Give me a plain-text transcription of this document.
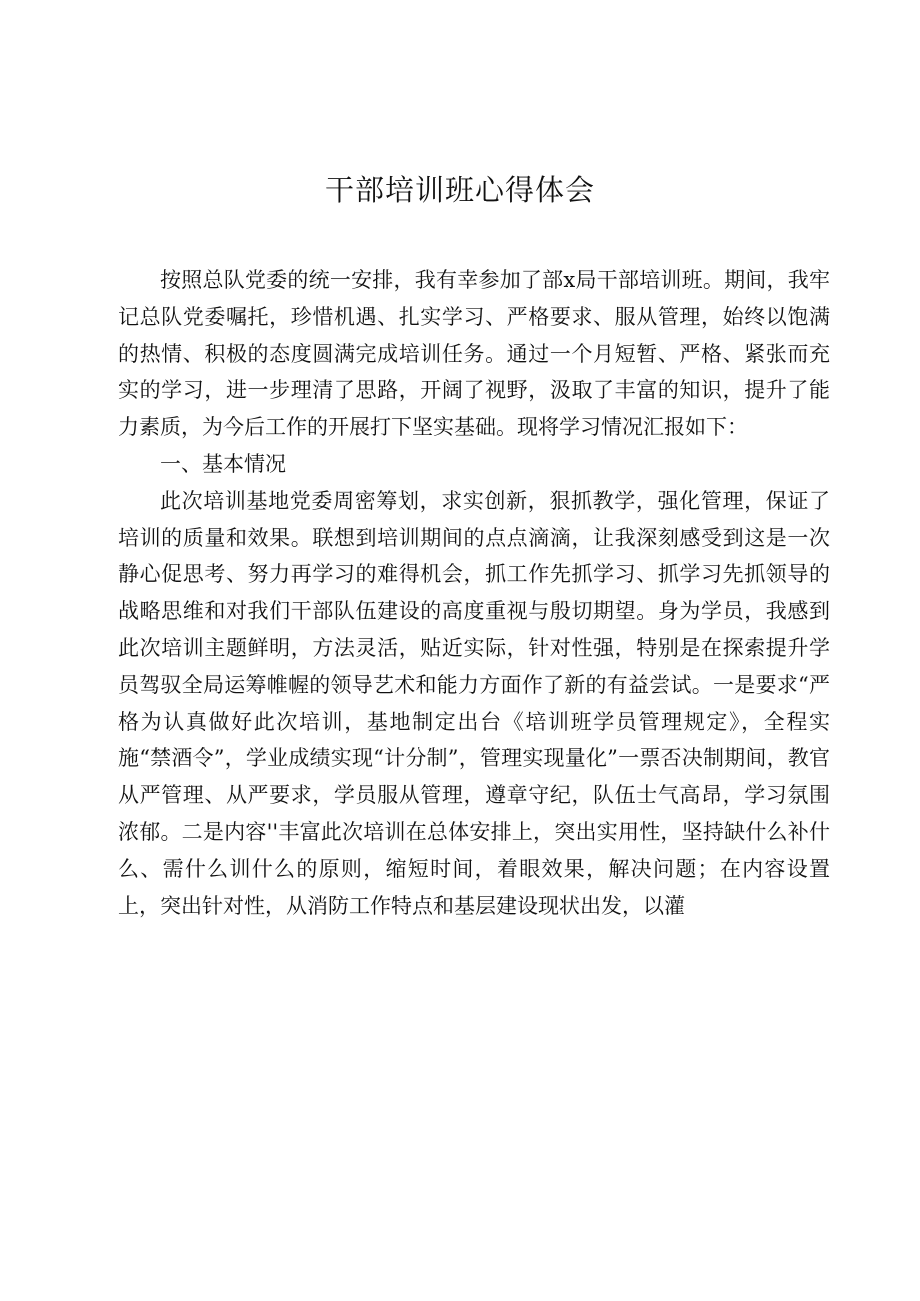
干部培训班心得体会

按照总队党委的统一安排，我有幸参加了部x局干部培训班。期间，我牢记总队党委嘱托，珍惜机遇、扎实学习、严格要求、服从管理，始终以饱满的热情、积极的态度圆满完成培训任务。通过一个月短暂、严格、紧张而充实的学习，进一步理清了思路，开阔了视野，汲取了丰富的知识，提升了能力素质，为今后工作的开展打下坚实基础。现将学习情况汇报如下：

一、基本情况

此次培训基地党委周密筹划，求实创新，狠抓教学，强化管理，保证了培训的质量和效果。联想到培训期间的点点滴滴，让我深刻感受到这是一次静心促思考、努力再学习的难得机会，抓工作先抓学习、抓学习先抓领导的战略思维和对我们干部队伍建设的高度重视与殷切期望。身为学员，我感到此次培训主题鲜明，方法灵活，贴近实际，针对性强，特别是在探索提升学员驾驭全局运筹帷幄的领导艺术和能力方面作了新的有益尝试。一是要求“严格为认真做好此次培训，基地制定出台《培训班学员管理规定》，全程实施“禁酒令”，学业成绩实现“计分制”，管理实现量化”一票否决制期间，教官从严管理、从严要求，学员服从管理，遵章守纪，队伍士气高昂，学习氛围浓郁。二是内容''丰富此次培训在总体安排上，突出实用性，坚持缺什么补什么、需什么训什么的原则，缩短时间，着眼效果，解决问题；在内容设置上，突出针对性，从消防工作特点和基层建设现状出发，以灌
